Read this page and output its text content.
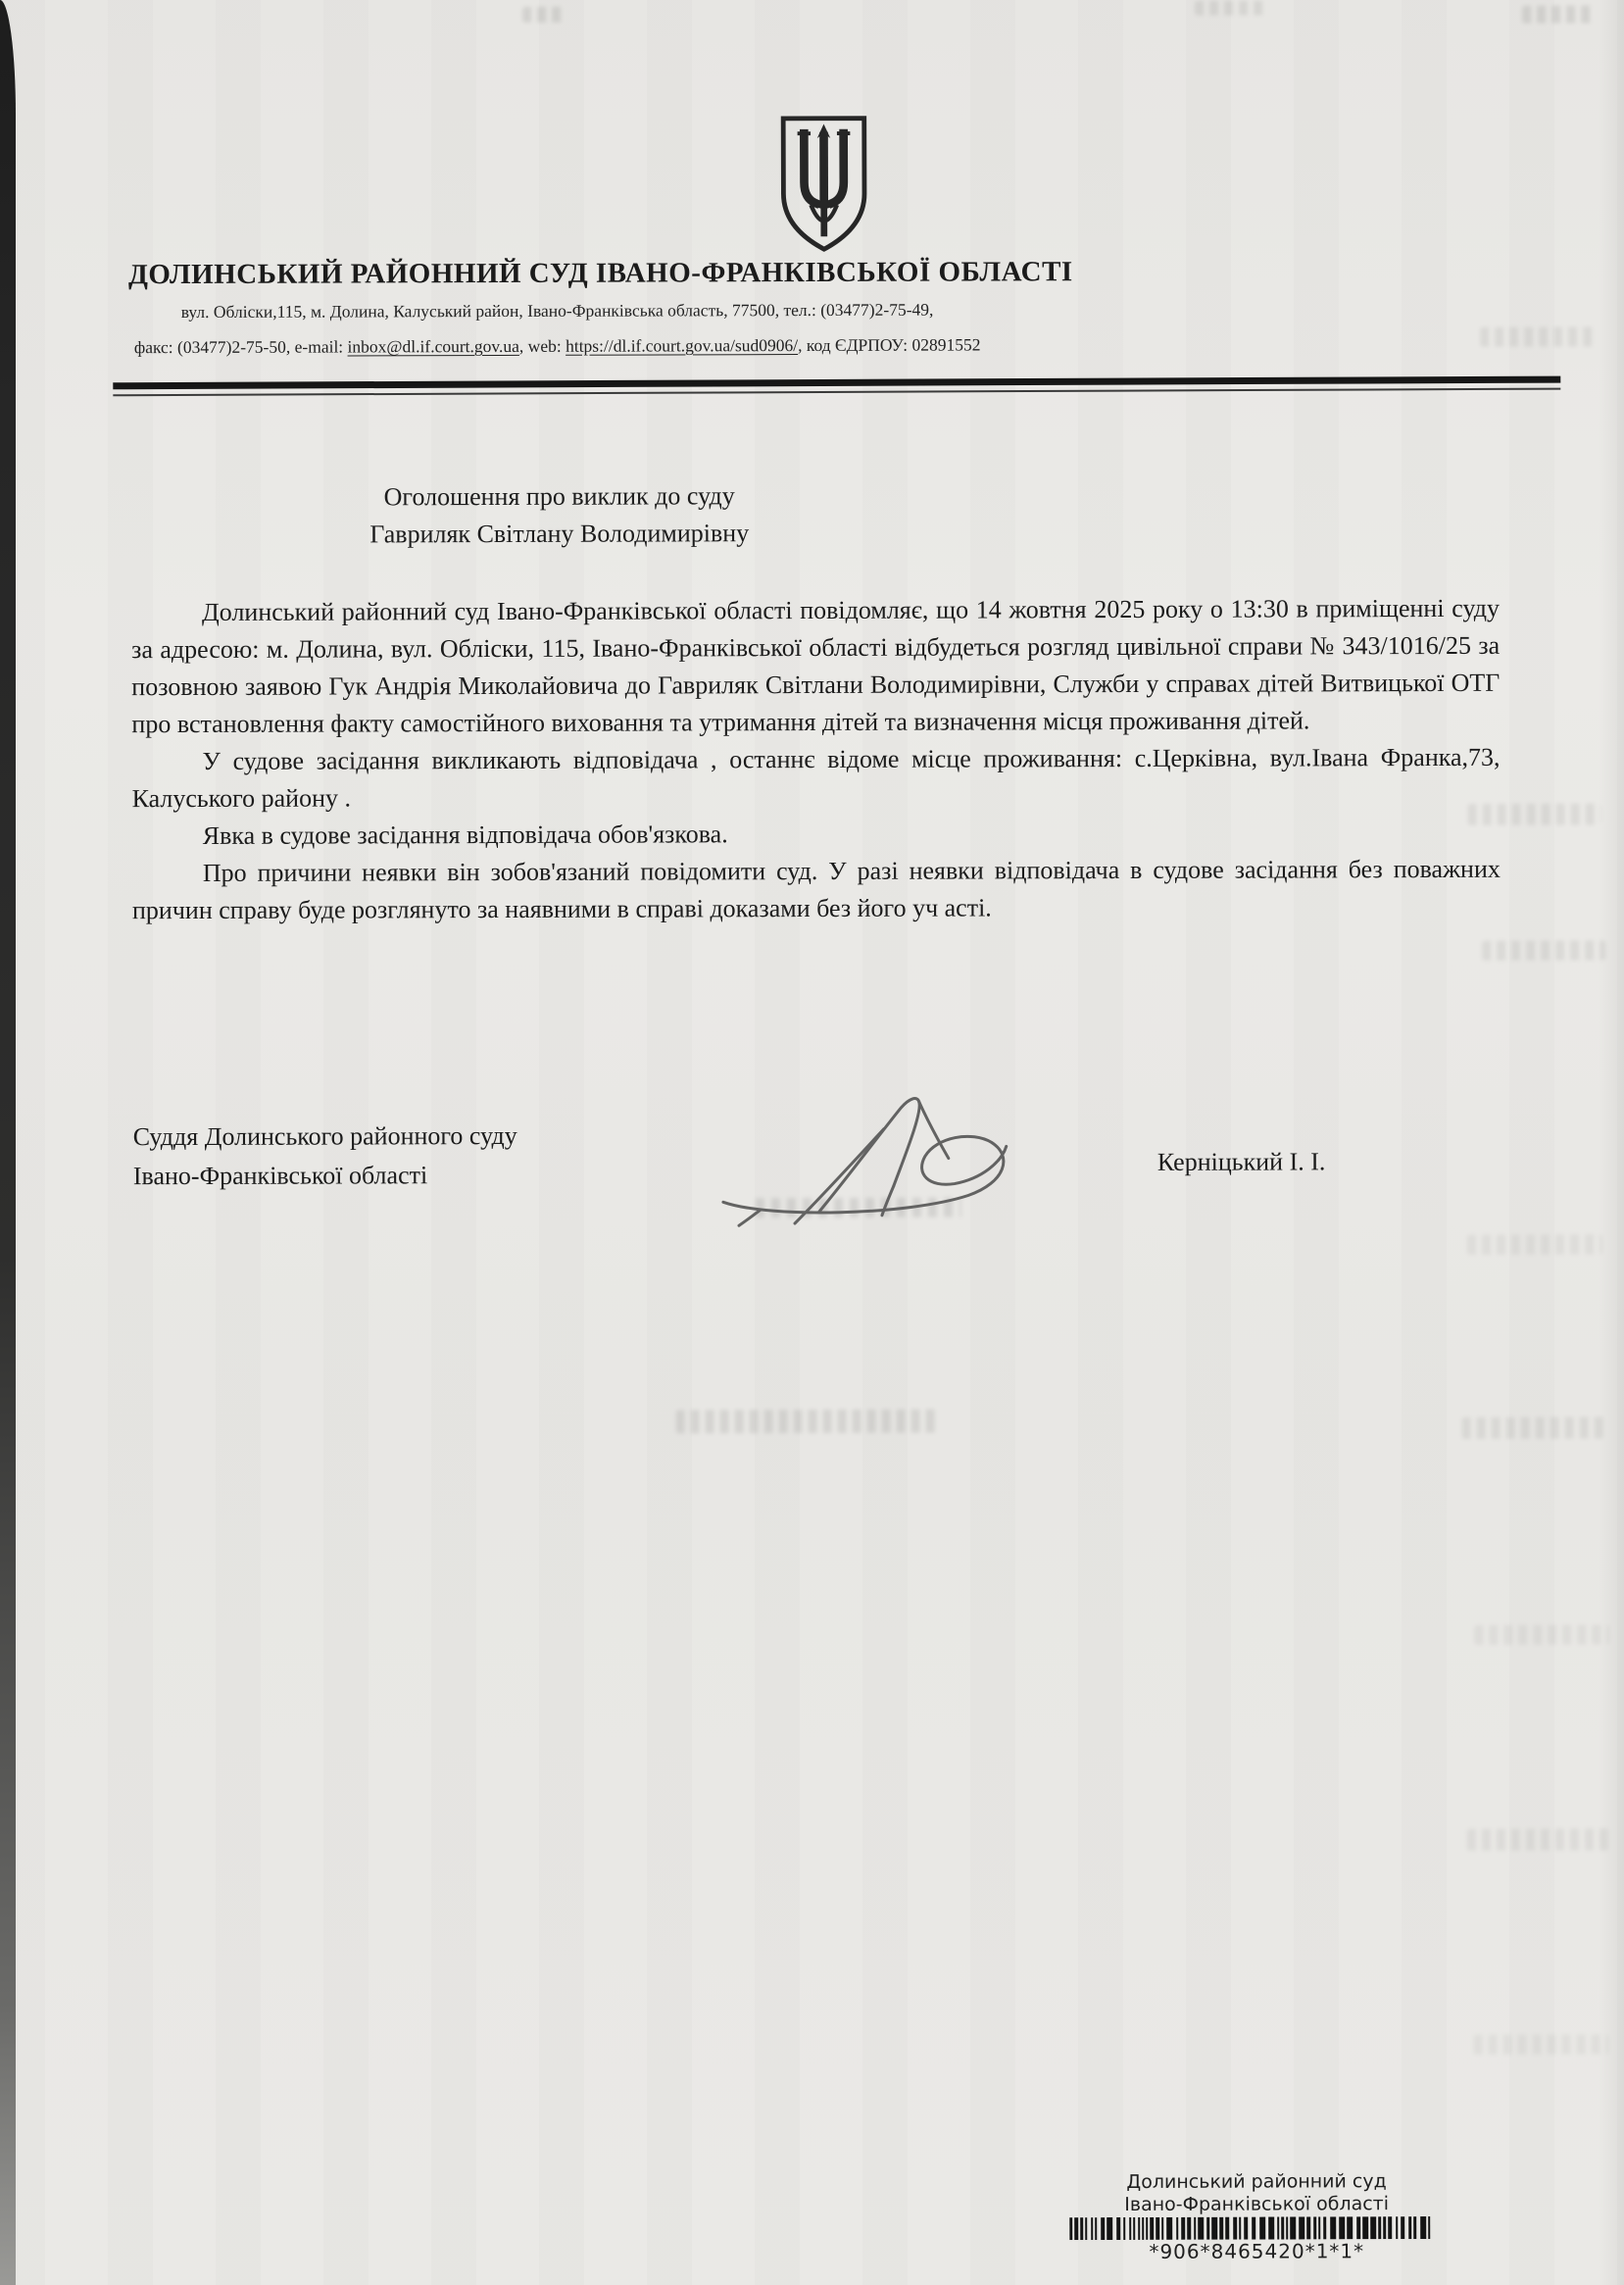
ДОЛИНСЬКИЙ РАЙОННИЙ СУД ІВАНО-ФРАНКІВСЬКОЇ ОБЛАСТІ
вул. Обліски,115, м. Долина, Калуський район, Івано-Франківська область, 77500, тел.: (03477)2-75-49,
факс: (03477)2-75-50, e-mail: inbox@dl.if.court.gov.ua, web: https://dl.if.court.gov.ua/sud0906/, код ЄДРПОУ: 02891552
Оголошення про виклик до суду
Гавриляк Світлану Володимирівну

Долинський районний суд Івано-Франківської області повідомляє, що 14 жовтня 2025 року о 13:30 в приміщенні суду за адресою: м. Долина, вул. Обліски, 115, Івано-Франківської області відбудеться розгляд цивільної справи № 343/1016/25 за позовною заявою Гук Андрія Миколайовича до Гавриляк Світлани Володимирівни, Служби у справах дітей Витвицької ОТГ про встановлення факту самостійного виховання та утримання дітей та визначення місця проживання дітей.

У судове засідання викликають відповідача , останнє відоме місце проживання: с.Церківна, вул.Івана Франка,73, Калуського району .

Явка в судове засідання відповідача обов'язкова.

Про причини неявки він зобов'язаний повідомити суд. У разі неявки відповідача в судове засідання без поважних причин справу буде розглянуто за наявними в справі доказами без його уч асті.

Суддя Долинського районного суду
Івано-Франківської області	Керніцький І. І.
Долинський районний суд
Івано-Франківської області
*906*8465420*1*1*
